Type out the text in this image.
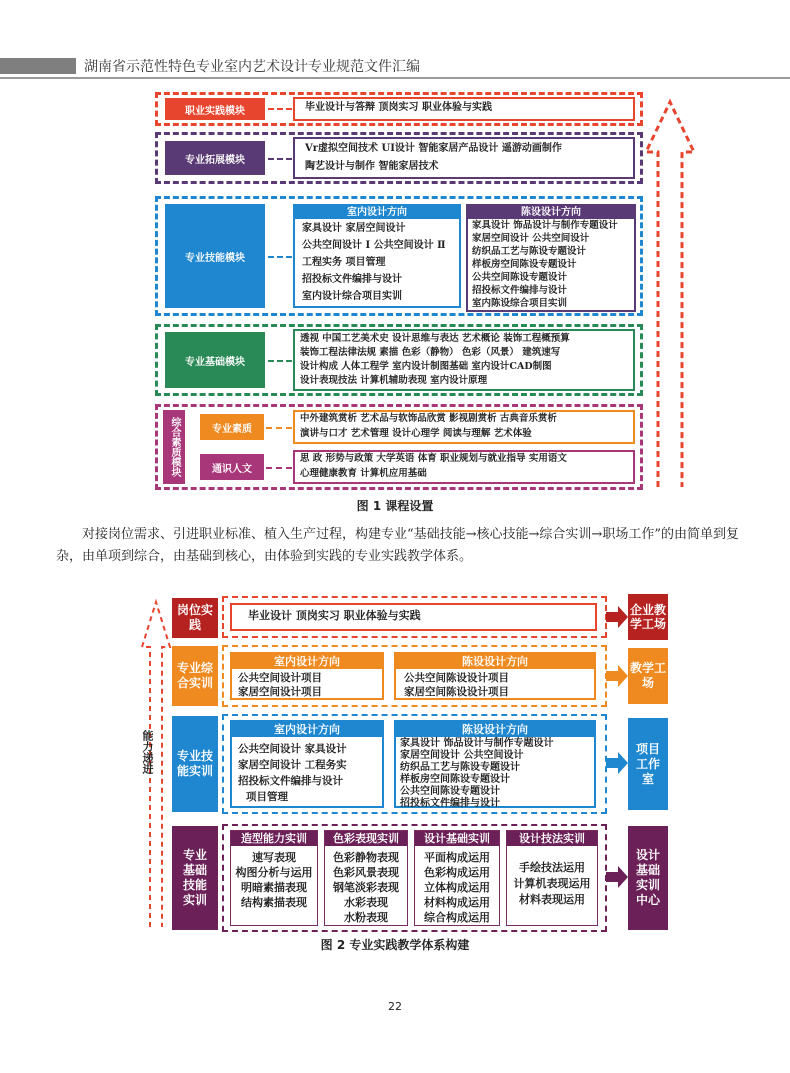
湖南省示范性特色专业室内艺术设计专业规范文件汇编
职业实践模块	毕业设计与答辩 顶岗实习 职业体验与实践
专业拓展模块
Vr虚拟空间技术 UI设计 智能家居产品设计 遥游动画制作
陶艺设计与制作 智能家居技术
专业技能模块
室内设计方向
家具设计 家居空间设计
公共空间设计 Ⅰ 公共空间设计 Ⅱ
工程实务 项目管理
招投标文件编排与设计
室内设计综合项目实训
陈设设计方向
家具设计 饰品设计与制作专题设计
家居空间设计 公共空间设计
纺织品工艺与陈设专题设计
样板房空间陈设专题设计
公共空间陈设专题设计
招投标文件编排与设计
室内陈设综合项目实训
专业基础模块
透视 中国工艺美术史 设计思维与表达 艺术概论 装饰工程概预算
装饰工程法律法规 素描 色彩（静物） 色彩（风景） 建筑速写
设计构成 人体工程学 室内设计制图基础 室内设计CAD制图
设计表现技法 计算机辅助表现 室内设计原理
综合素质模块	专业素质
中外建筑赏析 艺术品与软饰品欣赏 影视剧赏析 古典音乐赏析
演讲与口才 艺术管理 设计心理学 阅读与理解 艺术体验
通识人文
思 政 形势与政策 大学英语 体育 职业规划与就业指导 实用语文
心理健康教育 计算机应用基础
图 1 课程设置
对接岗位需求、引进职业标准、植入生产过程，构建专业“基础技能→核心技能→综合实训→职场工作”的由简单到复杂，由单项到综合，由基础到核心，由体验到实践的专业实践教学体系。
能力递进
岗位实践
毕业设计 顶岗实习 职业体验与实践	企业教学工场
专业综合实训
室内设计方向
公共空间设计项目
家居空间设计项目
陈设设计方向
公共空间陈设设计项目
家居空间陈设设计项目
教学工场
专业技能实训
室内设计方向
公共空间设计 家具设计
家居空间设计 工程务实
招投标文件编排与设计
项目管理
陈设设计方向
家具设计 饰品设计与制作专题设计
家居空间设计 公共空间设计
纺织品工艺与陈设专题设计
样板房空间陈设专题设计
公共空间陈设专题设计
招投标文件编排与设计
项目工作室
专业基础技能实训
造型能力实训
速写表现
构图分析与运用
明暗素描表现
结构素描表现
色彩表现实训
色彩静物表现
色彩风景表现
钢笔淡彩表现
水彩表现
水粉表现
设计基础实训
平面构成运用
色彩构成运用
立体构成运用
材料构成运用
综合构成运用
设计技法实训
手绘技法运用
计算机表现运用
材料表现运用
设计基础实训中心
图 2 专业实践教学体系构建
22
